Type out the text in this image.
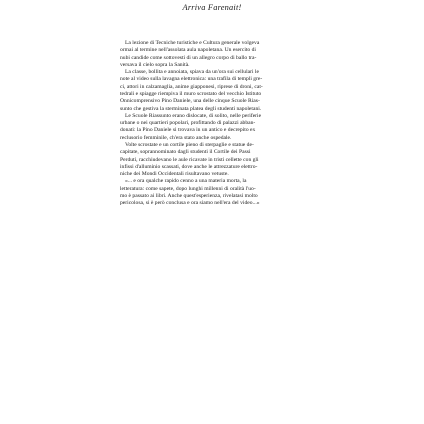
Arriva Farenait!
La lezione di Tecniche turistiche e Cultura generale volgeva
ormai al termine nell'assolata aula napoletana. Un esercito di
nubi candide come sottovesti di un allegro corpo di ballo tra-
versava il cielo sopra la Sanità.
La classe, bollita e annoiata, spiava da un'ora sui cellulari le
note al video sulla lavagna elettronica: una trafila di templi gre-
ci, attori in calzamaglia, anime giapponesi, riprese di droni, cat-
tedrali e spiagge riempiva il muro scrostato del vecchio Istituto
Onnicomprensivo Pino Daniele, una delle cinque Scuole Rias-
sunto che gestiva la sterminata platea degli studenti napoletani.
Le Scuole Riassunto erano dislocate, di solito, nelle periferie
urbane o nei quartieri popolari, profittando di palazzi abban-
donati: la Pino Daniele si trovava in un antico e decrepito ex
reclusorio femminile, ch'era stato anche ospedale.
Volte scrostate e un cortile pieno di sterpaglie e statue de-
capitate, soprannominato dagli studenti il Cortile dei Passi
Perduti, racchiudevano le aule ricavate in tristi cellette con gli
infissi d'alluminio scassati, dove anche le attrezzature elettro-
niche dei Mondi Occidentali risultavano vetuste.
«... e ora qualche rapido cenno a una materia morta, la
letteratura: come sapete, dopo lunghi millenni di oralità l'uo-
mo è passato ai libri. Anche quest'esperienza, rivelatasi molto
pericolosa, si è però conclusa e ora siamo nell'era del video...»
